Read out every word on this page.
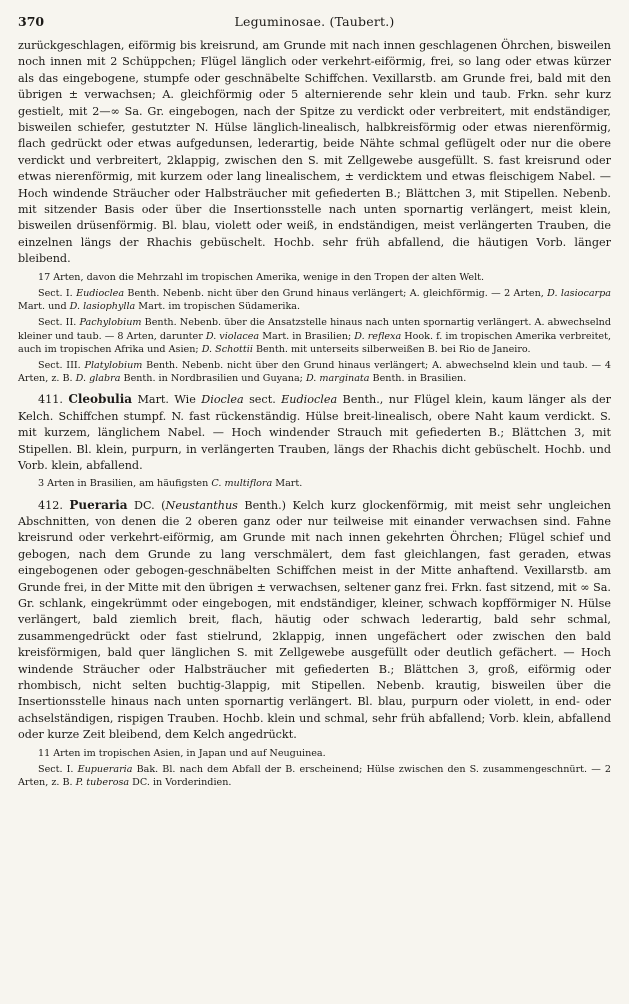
370	Leguminosae. (Taubert.)

zurückgeschlagen, eiförmig bis kreisrund, am Grunde mit nach innen geschlagenen Öhrchen, bisweilen noch innen mit 2 Schüppchen; Flügel länglich oder verkehrt-eiförmig, frei, so lang oder etwas kürzer als das eingebogene, stumpfe oder geschnäbelte Schiffchen. Vexillarstb. am Grunde frei, bald mit den übrigen ± verwachsen; A. gleichförmig oder 5 alternierende sehr klein und taub. Frkn. sehr kurz gestielt, mit 2—∞ Sa. Gr. eingebogen, nach der Spitze zu verdickt oder verbreitert, mit endständiger, bisweilen schiefer, gestutzter N. Hülse länglich-linealisch, halbkreisförmig oder etwas nierenförmig, flach gedrückt oder etwas aufgedunsen, lederartig, beide Nähte schmal geflügelt oder nur die obere verdickt und verbreitert, 2klappig, zwischen den S. mit Zellgewebe ausgefüllt. S. fast kreisrund oder etwas nierenförmig, mit kurzem oder lang linealischem, ± verdicktem und etwas fleischigem Nabel. — Hoch windende Sträucher oder Halbsträucher mit gefiederten B.; Blättchen 3, mit Stipellen. Nebenb. mit sitzender Basis oder über die Insertionsstelle nach unten spornartig verlängert, meist klein, bisweilen drüsenförmig. Bl. blau, violett oder weiß, in endständigen, meist verlängerten Trauben, die einzelnen längs der Rhachis gebüschelt. Hochb. sehr früh abfallend, die häutigen Vorb. länger bleibend.

17 Arten, davon die Mehrzahl im tropischen Amerika, wenige in den Tropen der alten Welt.

Sect. I. Eudioclea Benth. Nebenb. nicht über den Grund hinaus verlängert; A. gleichförmig. — 2 Arten, D. lasiocarpa Mart. und D. lasiophylla Mart. im tropischen Südamerika.

Sect. II. Pachylobium Benth. Nebenb. über die Ansatzstelle hinaus nach unten spornartig verlängert. A. abwechselnd kleiner und taub. — 8 Arten, darunter D. violacea Mart. in Brasilien; D. reflexa Hook. f. im tropischen Amerika verbreitet, auch im tropischen Afrika und Asien; D. Schottii Benth. mit unterseits silberweißen B. bei Rio de Janeiro.

Sect. III. Platylobium Benth. Nebenb. nicht über den Grund hinaus verlängert; A. abwechselnd klein und taub. — 4 Arten, z. B. D. glabra Benth. in Nordbrasilien und Guyana; D. marginata Benth. in Brasilien.

411. Cleobulia Mart. Wie Dioclea sect. Eudioclea Benth., nur Flügel klein, kaum länger als der Kelch. Schiffchen stumpf. N. fast rückenständig. Hülse breit-linealisch, obere Naht kaum verdickt. S. mit kurzem, länglichem Nabel. — Hoch windender Strauch mit gefiederten B.; Blättchen 3, mit Stipellen. Bl. klein, purpurn, in verlängerten Trauben, längs der Rhachis dicht gebüschelt. Hochb. und Vorb. klein, abfallend.

3 Arten in Brasilien, am häufigsten C. multiflora Mart.

412. Pueraria DC. (Neustanthus Benth.) Kelch kurz glockenförmig, mit meist sehr ungleichen Abschnitten, von denen die 2 oberen ganz oder nur teilweise mit einander verwachsen sind. Fahne kreisrund oder verkehrt-eiförmig, am Grunde mit nach innen gekehrten Öhrchen; Flügel schief und gebogen, nach dem Grunde zu lang verschmälert, dem fast gleichlangen, fast geraden, etwas eingebogenen oder gebogen-geschnäbelten Schiffchen meist in der Mitte anhaftend. Vexillarstb. am Grunde frei, in der Mitte mit den übrigen ± verwachsen, seltener ganz frei. Frkn. fast sitzend, mit ∞ Sa. Gr. schlank, eingekrümmt oder eingebogen, mit endständiger, kleiner, schwach kopfförmiger N. Hülse verlängert, bald ziemlich breit, flach, häutig oder schwach lederartig, bald sehr schmal, zusammengedrückt oder fast stielrund, 2klappig, innen ungefächert oder zwischen den bald kreisförmigen, bald quer länglichen S. mit Zellgewebe ausgefüllt oder deutlich gefächert. — Hoch windende Sträucher oder Halbsträucher mit gefiederten B.; Blättchen 3, groß, eiförmig oder rhombisch, nicht selten buchtig-3lappig, mit Stipellen. Nebenb. krautig, bisweilen über die Insertionsstelle hinaus nach unten spornartig verlängert. Bl. blau, purpurn oder violett, in end- oder achselständigen, rispigen Trauben. Hochb. klein und schmal, sehr früh abfallend; Vorb. klein, abfallend oder kurze Zeit bleibend, dem Kelch angedrückt.

11 Arten im tropischen Asien, in Japan und auf Neuguinea.

Sect. I. Eupueraria Bak. Bl. nach dem Abfall der B. erscheinend; Hülse zwischen den S. zusammengeschnürt. — 2 Arten, z. B. P. tuberosa DC. in Vorderindien.
